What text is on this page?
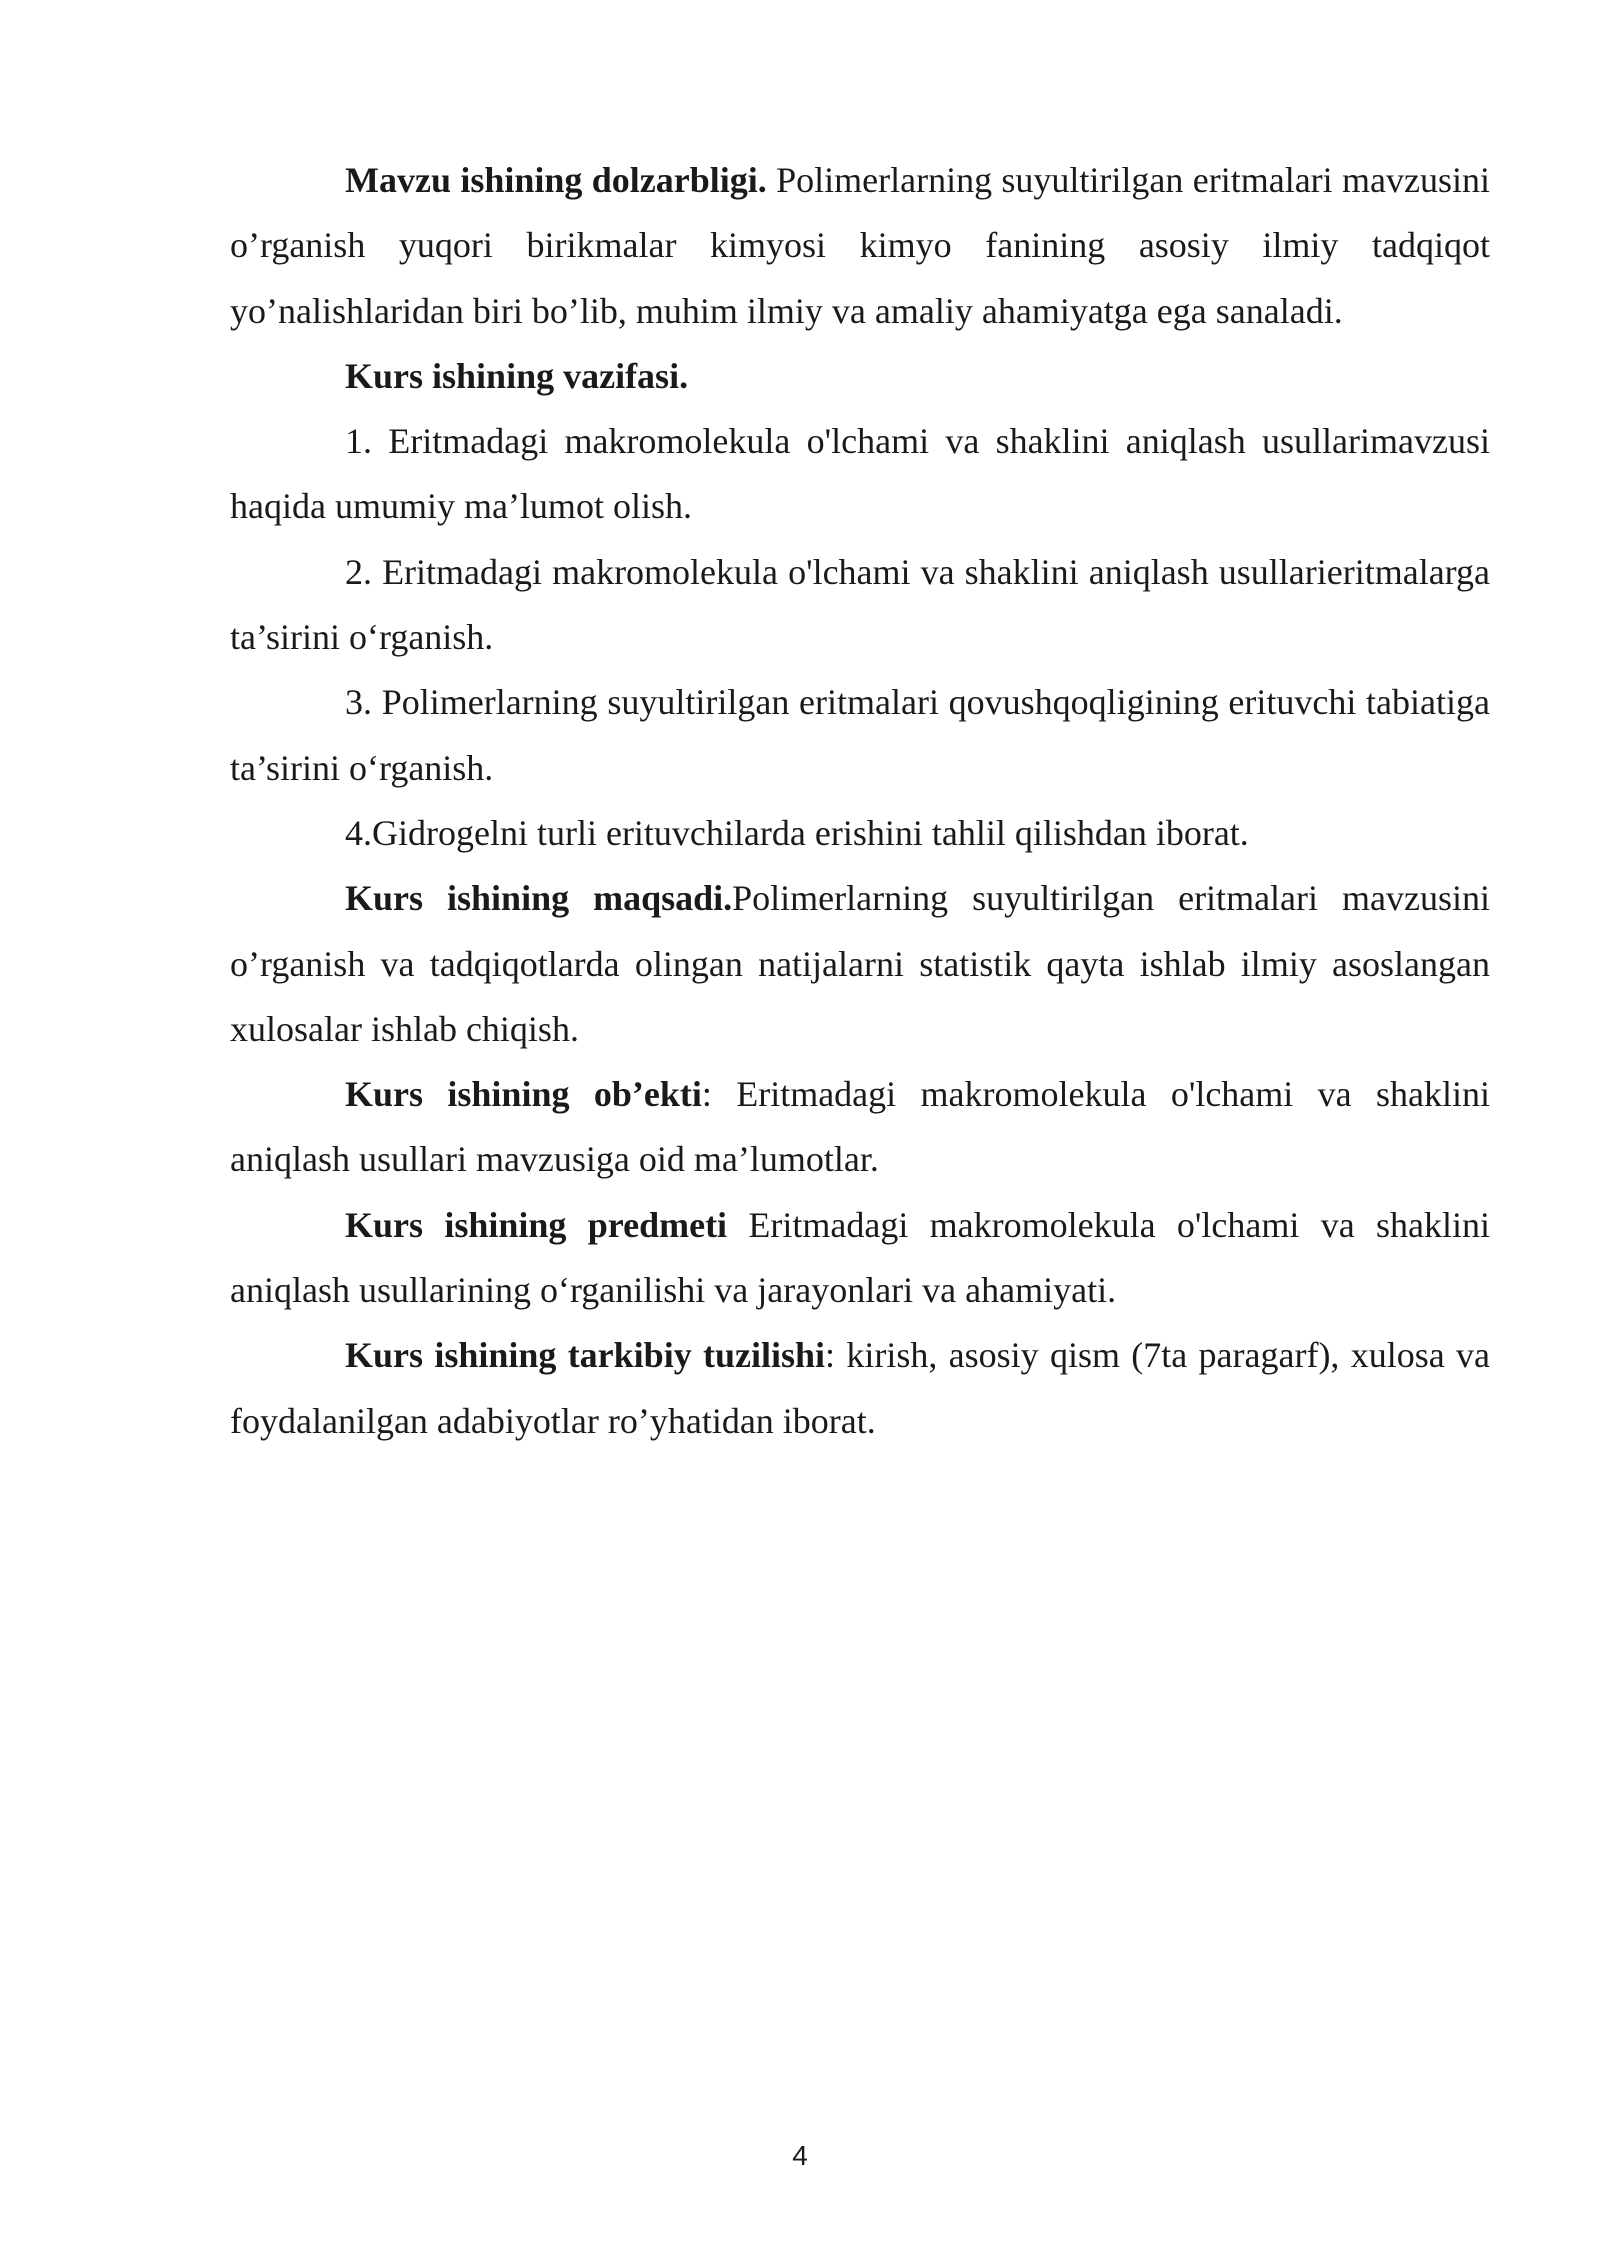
Mavzu ishining dolzarbligi. Polimerlarning suyultirilgan eritmalari mavzusini o’rganish yuqori birikmalar kimyosi kimyo fanining asosiy ilmiy tadqiqot yo’nalishlaridan biri bo’lib, muhim ilmiy va amaliy ahamiyatga ega sanaladi.

Kurs ishining vazifasi.

1. Eritmadagi makromolekula o'lchami va shaklini aniqlash usullarimavzusi haqida umumiy ma’lumot olish.

2. Eritmadagi makromolekula o'lchami va shaklini aniqlash usullarieritmalarga ta’sirini o‘rganish.

3. Polimerlarning suyultirilgan eritmalari qovushqoqligining erituvchi tabiatiga ta’sirini o‘rganish.

4.Gidrogelni turli erituvchilarda erishini tahlil qilishdan iborat.

Kurs ishining maqsadi.Polimerlarning suyultirilgan eritmalari mavzusini o’rganish va tadqiqotlarda olingan natijalarni statistik qayta ishlab ilmiy asoslangan xulosalar ishlab chiqish.

Kurs ishining ob’ekti: Eritmadagi makromolekula o'lchami va shaklini aniqlash usullari mavzusiga oid ma’lumotlar.

Kurs ishining predmeti Eritmadagi makromolekula o'lchami va shaklini aniqlash usullarining o‘rganilishi va jarayonlari va ahamiyati.

Kurs ishining tarkibiy tuzilishi: kirish, asosiy qism (7ta paragarf), xulosa va foydalanilgan adabiyotlar ro’yhatidan iborat.

4
